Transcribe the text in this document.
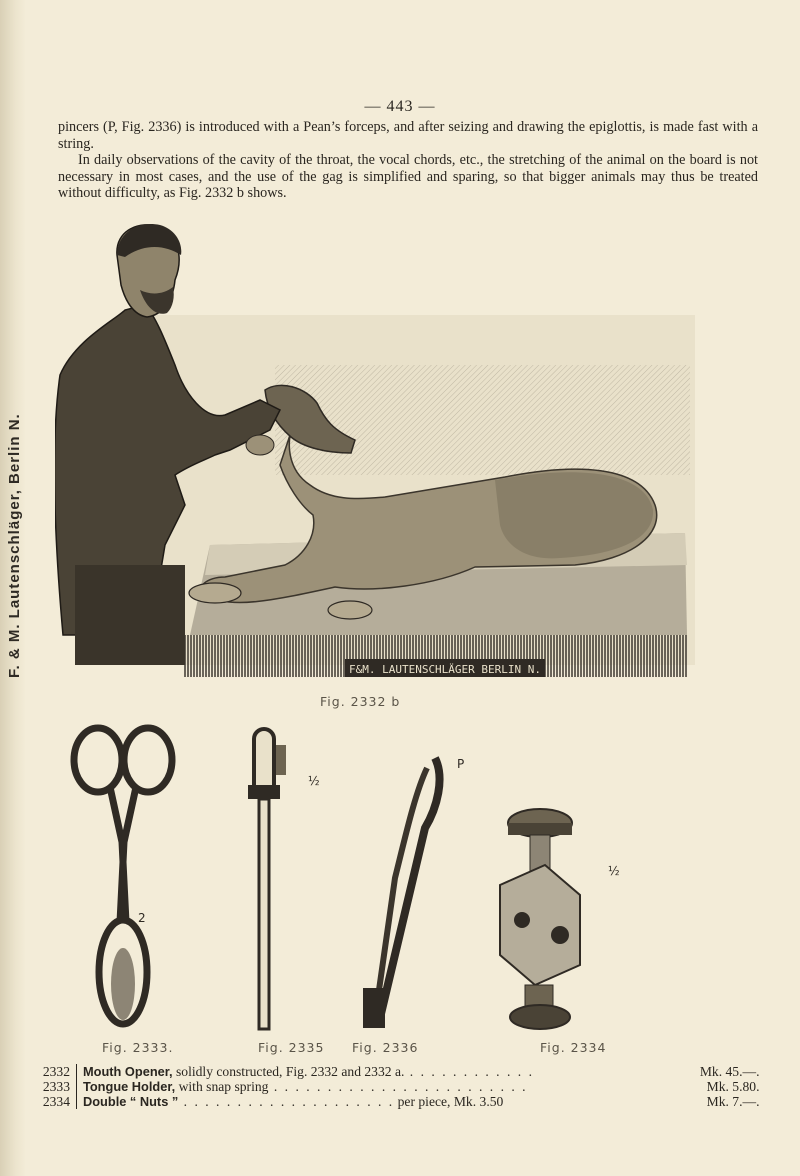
F. & M. Lautenschläger, Berlin N.
— 443 —

pincers (P, Fig. 2336) is introduced with a Pean’s forceps, and after seizing and drawing the epiglottis, is made fast with a string.

In daily observations of the cavity of the throat, the vocal chords, etc., the stretching of the animal on the board is not necessary in most cases, and the use of the gag is simplified and sparing, so that bigger animals may thus be treated without difficulty, as Fig. 2332 b shows.

F&M. LAUTENSCHLÄGER BERLIN N.
Fig. 2332 b
2
Fig. 2333.
½
Fig. 2335
P
Fig. 2336
½
Fig. 2334
2332	Mouth Opener, solidly constructed, Fig. 2332 and 2332 a. . . . . . . . . . . . .	Mk. 45.—.
2333	Tongue Holder, with snap spring . . . . . . . . . . . . . . . . . . . . . . . .	Mk. 5.80.
2334	Double “ Nuts ” . . . . . . . . . . . . . . . . . . . . per piece, Mk. 3.50	Mk. 7.—.
